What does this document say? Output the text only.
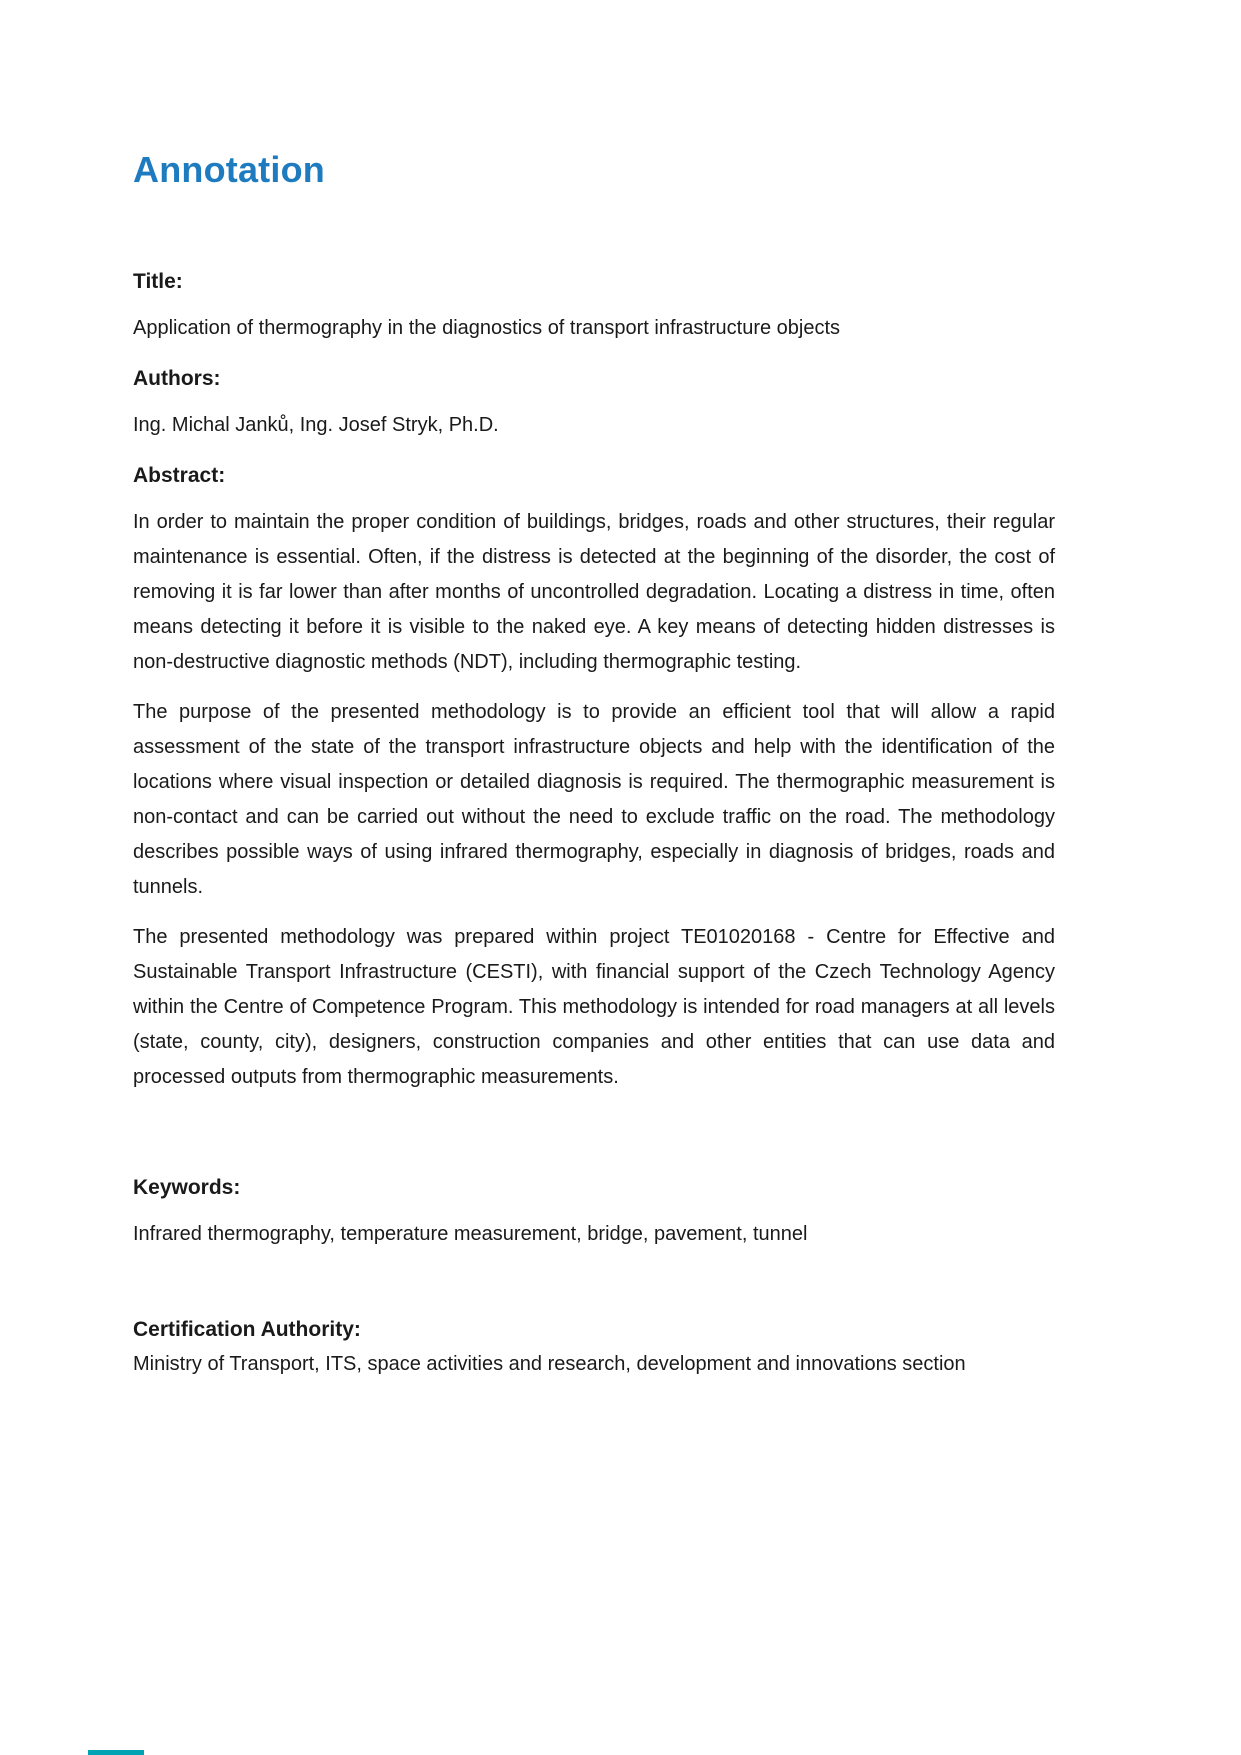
Annotation

Title:

Application of thermography in the diagnostics of transport infrastructure objects

Authors:

Ing. Michal Janků, Ing. Josef Stryk, Ph.D.

Abstract:

In order to maintain the proper condition of buildings, bridges, roads and other structures, their regular maintenance is essential. Often, if the distress is detected at the beginning of the disorder, the cost of removing it is far lower than after months of uncontrolled degradation. Locating a distress in time, often means detecting it before it is visible to the naked eye. A key means of detecting hidden distresses is non-destructive diagnostic methods (NDT), including thermographic testing.

The purpose of the presented methodology is to provide an efficient tool that will allow a rapid assessment of the state of the transport infrastructure objects and help with the identification of the locations where visual inspection or detailed diagnosis is required. The thermographic measurement is non-contact and can be carried out without the need to exclude traffic on the road. The methodology describes possible ways of using infrared thermography, especially in diagnosis of bridges, roads and tunnels.

The presented methodology was prepared within project TE01020168 - Centre for Effective and Sustainable Transport Infrastructure (CESTI), with financial support of the Czech Technology Agency within the Centre of Competence Program. This methodology is intended for road managers at all levels (state, county, city), designers, construction companies and other entities that can use data and processed outputs from thermographic measurements.

Keywords:

Infrared thermography, temperature measurement, bridge, pavement, tunnel

Certification Authority:

Ministry of Transport, ITS, space activities and research, development and innovations section
